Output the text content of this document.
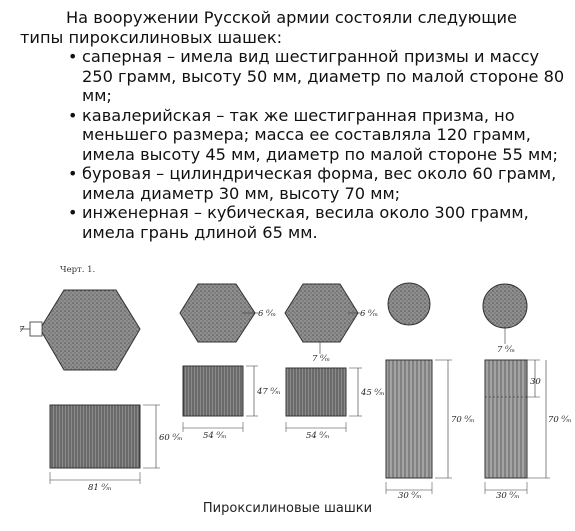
На вооружении Русской армии состояли следующие типы пироксилиновых шашек:

• саперная – имела вид шестигранной призмы и массу 250 грамм, высоту 50 мм, диаметр по малой стороне 80 мм;
• кавалерийская – так же шестигранная призма, но меньшего размера; масса ее составляла 120 грамм, имела высоту 45 мм, диаметр по малой стороне 55 мм;
• буровая – цилиндрическая форма, вес около 60 грамм, имела диаметр 30 мм, высоту 70 мм;
• инженерная – кубическая, весила около 300 грамм, имела грань длиной 65 мм.
7
6 ⁰⁄ₘ	6 ⁰⁄ₘ
7 ⁰⁄ₘ
7 ⁰⁄ₘ
60 ⁰⁄ₘ
81 ⁰⁄ₘ
47 ⁰⁄ₘ
54 ⁰⁄ₘ
45 ⁰⁄ₘ
54 ⁰⁄ₘ
70 ⁰⁄ₘ
30 ⁰⁄ₘ
30
70 ⁰⁄ₘ
30 ⁰⁄ₘ
Черт. 1.
Пироксилиновые шашки
